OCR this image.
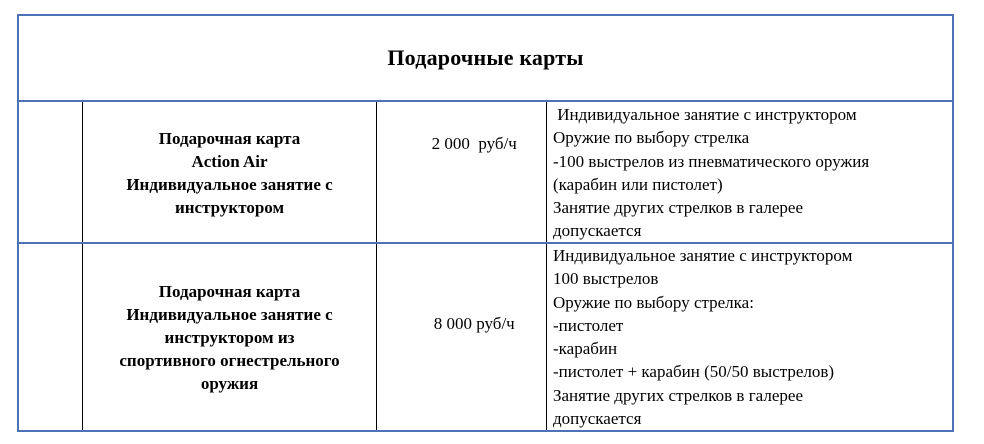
Подарочные карты
Подарочная карта
Action Air
Индивидуальное занятие с
инструктором

2 000  руб/ч

Индивидуальное занятие с инструктором
Оружие по выбору стрелка
-100 выстрелов из пневматического оружия
(карабин или пистолет)
Занятие других стрелков в галерее
допускается
Подарочная карта
Индивидуальное занятие с
инструктором из
спортивного огнестрельного
оружия

8 000 руб/ч

Индивидуальное занятие с инструктором
100 выстрелов
Оружие по выбору стрелка:
-пистолет
-карабин
-пистолет + карабин (50/50 выстрелов)
Занятие других стрелков в галерее
допускается
